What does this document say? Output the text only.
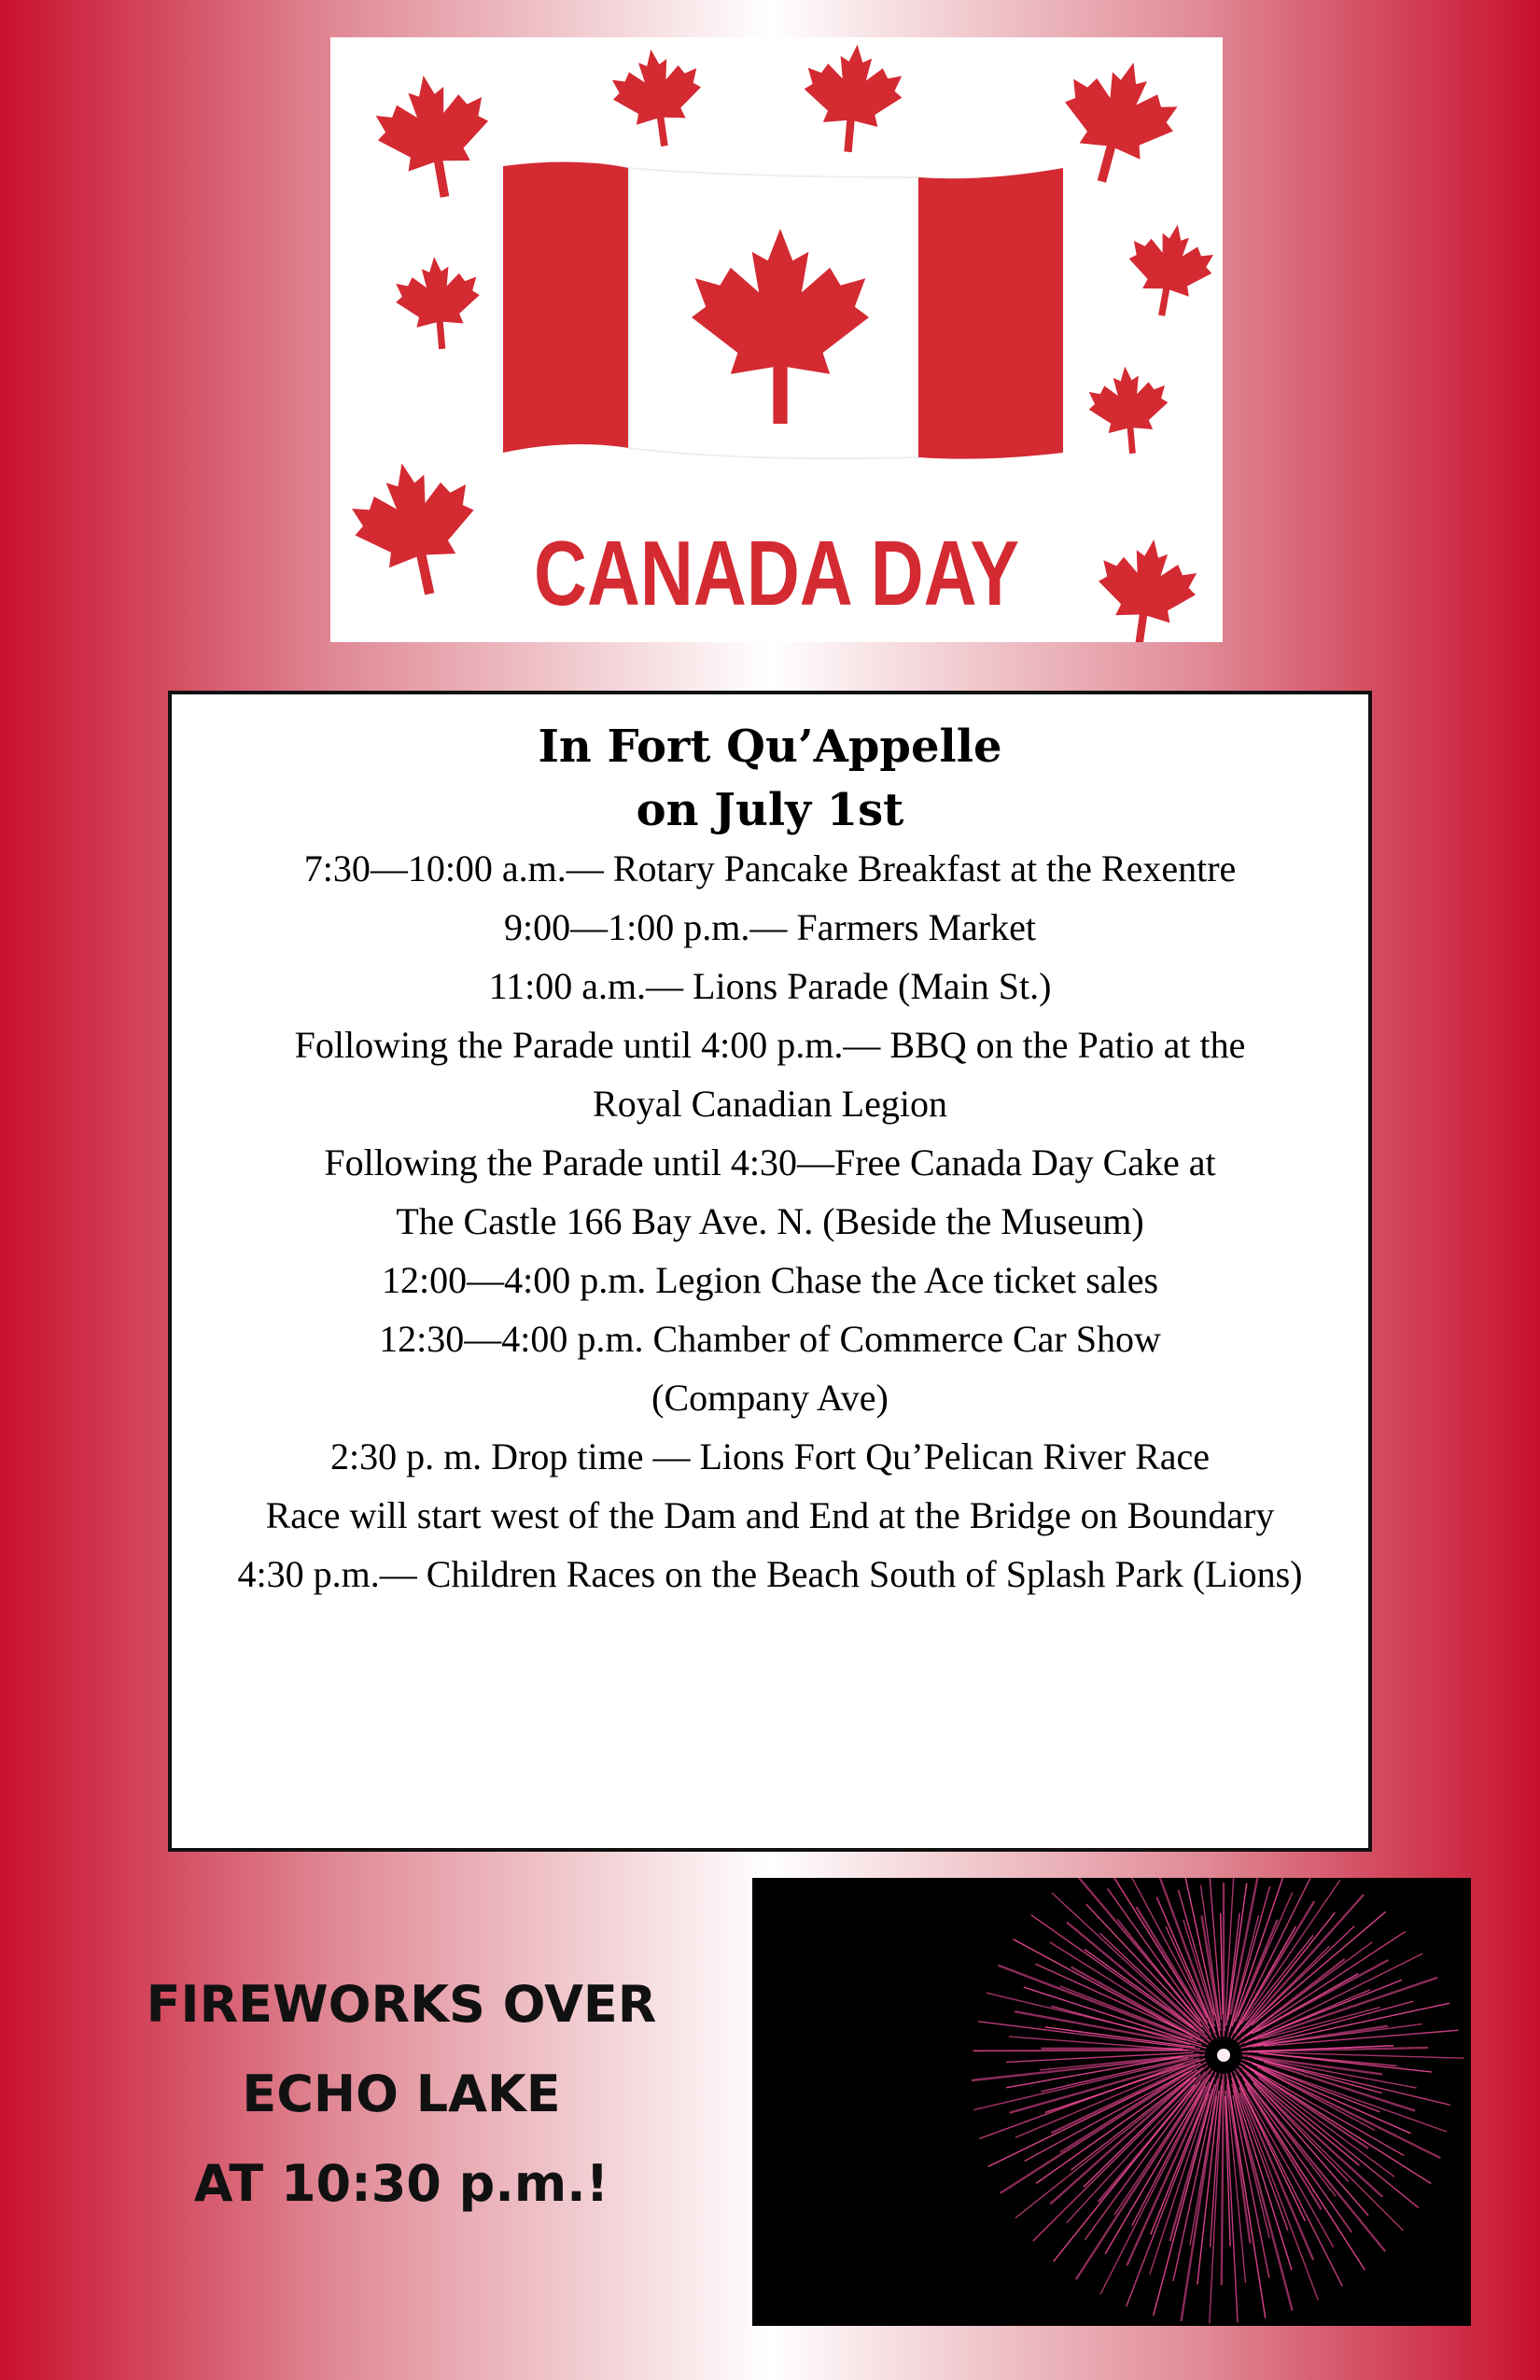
CANADA DAY
In Fort Qu’Appelle
on July 1st

7:30—10:00 a.m.— Rotary Pancake Breakfast at the Rexentre

9:00—1:00 p.m.— Farmers Market

11:00 a.m.— Lions Parade (Main St.)

Following the Parade until 4:00 p.m.— BBQ on the Patio at the

Royal Canadian Legion

Following the Parade until 4:30—Free Canada Day Cake at

The Castle 166 Bay Ave. N. (Beside the Museum)

12:00—4:00 p.m. Legion Chase the Ace ticket sales

12:30—4:00 p.m. Chamber of Commerce Car Show

(Company Ave)

2:30 p. m. Drop time — Lions Fort Qu’Pelican River Race

Race will start west of the Dam and End at the Bridge on Boundary

4:30 p.m.— Children Races on the Beach South of Splash Park (Lions)

FIREWORKS OVER
ECHO LAKE
AT 10:30 p.m.!
